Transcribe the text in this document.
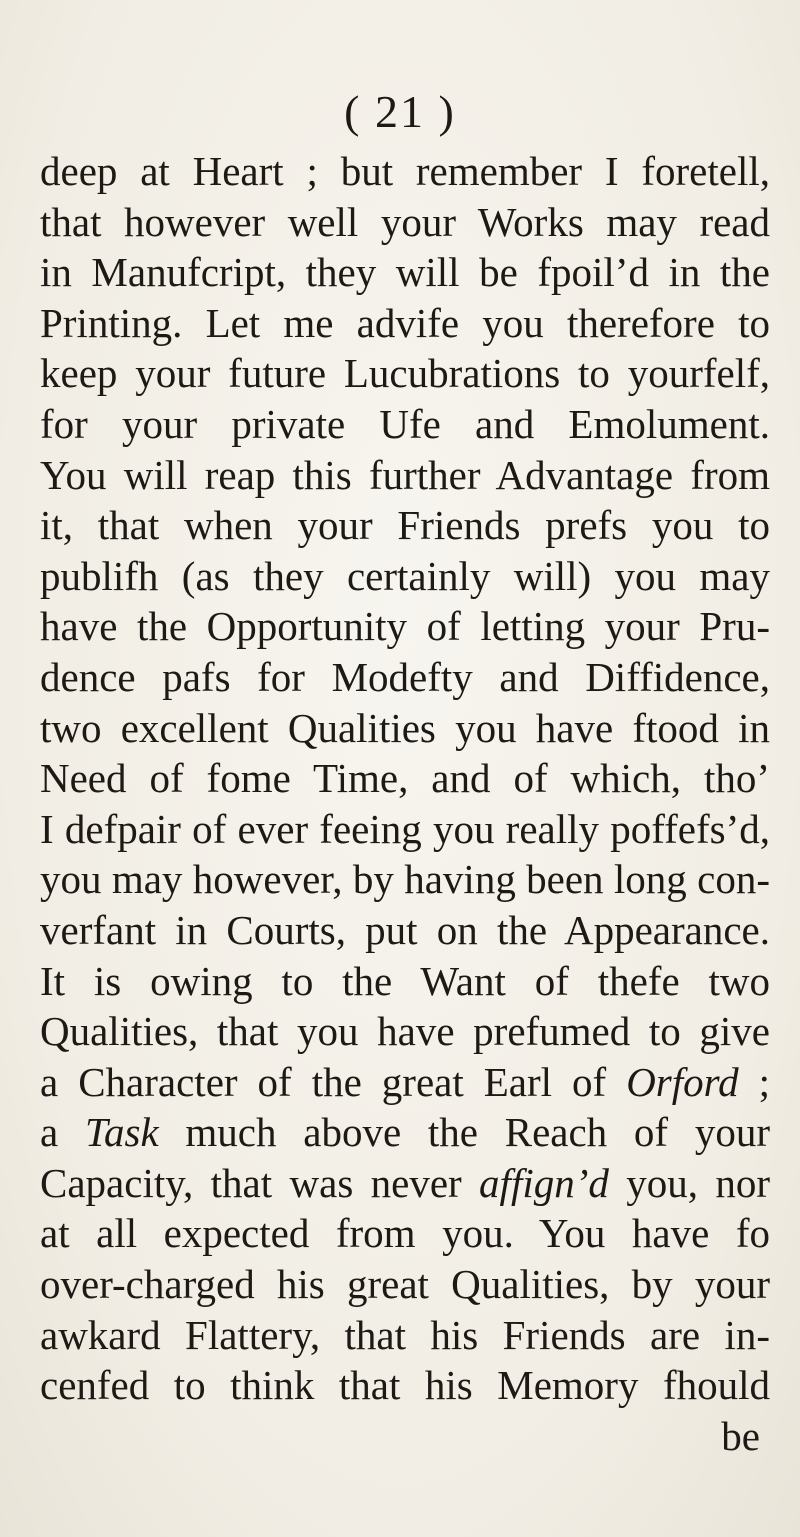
( 21 )
deep at Heart ; but remember I foretell,
that however well your Works may read
in Manufcript, they will be fpoil’d in the
Printing. Let me advife you therefore to
keep your future Lucubrations to yourfelf,
for your private Ufe and Emolument.
You will reap this further Advantage from
it, that when your Friends prefs you to
publifh (as they certainly will) you may
have the Opportunity of letting your Pru-
dence pafs for Modefty and Diffidence,
two excellent Qualities you have ftood in
Need of fome Time, and of which, tho’
I defpair of ever feeing you really poffefs’d,
you may however, by having been long con-
verfant in Courts, put on the Appearance.
It is owing to the Want of thefe two
Qualities, that you have prefumed to give
a Character of the great Earl of Orford ;
a Task much above the Reach of your
Capacity, that was never affign’d you, nor
at all expected from you. You have fo
over-charged his great Qualities, by your
awkard Flattery, that his Friends are in-
cenfed to think that his Memory fhould
be
